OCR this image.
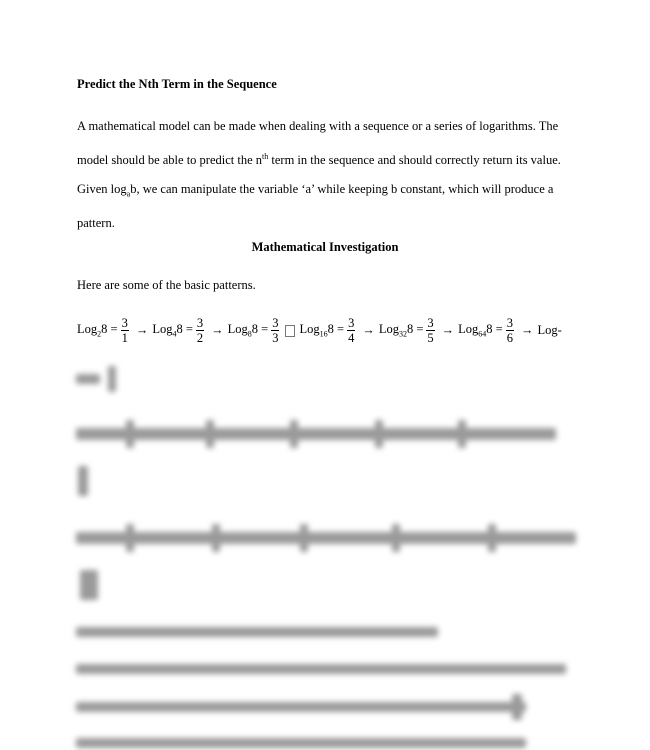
Predict the Nth Term in the Sequence

A mathematical model can be made when dealing with a sequence or a series of logarithms. The

model should be able to predict the $n^{th}$ term in the sequence and should correctly return its value.

Given $\log_ab$, we can manipulate the variable ‘a’ while keeping b constant, which will produce a

pattern.

Mathematical Investigation
Here are some of the basic patterns.
$Log_28 = \frac{3}{1} \to Log_48 = \frac{3}{2} \to Log_88 = \frac{3}{3} Log_{16}8 = \frac{3}{4} \to Log_{32}8 = \frac{3}{5} \to Log_{64}8 = \frac{3}{6} \to Log-$
